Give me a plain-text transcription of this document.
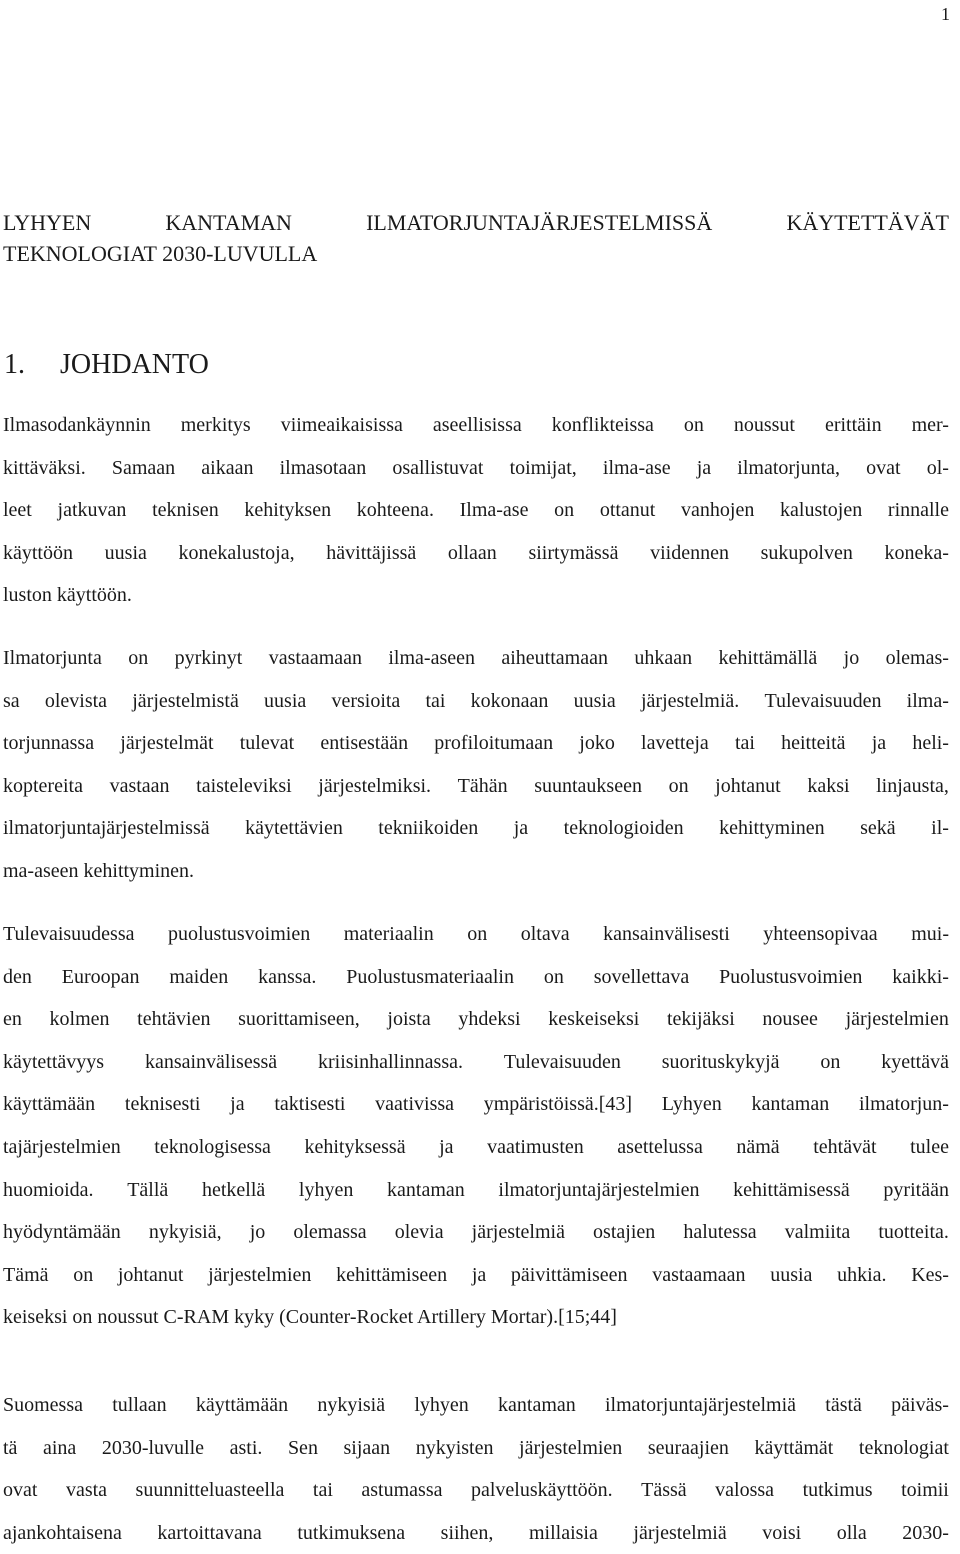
1
LYHYEN	KANTAMAN	ILMATORJUNTAJÄRJESTELMISSÄ	KÄYTETTÄVÄT
TEKNOLOGIAT 2030-LUVULLA
1. JOHDANTO
Ilmasodankäynnin merkitys viimeaikaisissa aseellisissa konflikteissa on noussut erittäin mer-
kittäväksi. Samaan aikaan ilmasotaan osallistuvat toimijat, ilma-ase ja ilmatorjunta, ovat ol-
leet jatkuvan teknisen kehityksen kohteena. Ilma-ase on ottanut vanhojen kalustojen rinnalle
käyttöön uusia konekalustoja, hävittäjissä ollaan siirtymässä viidennen sukupolven koneka-
luston käyttöön.
Ilmatorjunta on pyrkinyt vastaamaan ilma-aseen aiheuttamaan uhkaan kehittämällä jo olemas-
sa olevista järjestelmistä uusia versioita tai kokonaan uusia järjestelmiä. Tulevaisuuden ilma-
torjunnassa järjestelmät tulevat entisestään profiloitumaan joko lavetteja tai heitteitä ja heli-
koptereita vastaan taisteleviksi järjestelmiksi. Tähän suuntaukseen on johtanut kaksi linjausta,
ilmatorjuntajärjestelmissä käytettävien tekniikoiden ja teknologioiden kehittyminen sekä il-
ma-aseen kehittyminen.
Tulevaisuudessa puolustusvoimien materiaalin on oltava kansainvälisesti yhteensopivaa mui-
den Euroopan maiden kanssa. Puolustusmateriaalin on sovellettava Puolustusvoimien kaikki-
en kolmen tehtävien suorittamiseen, joista yhdeksi keskeiseksi tekijäksi nousee järjestelmien
käytettävyys kansainvälisessä kriisinhallinnassa. Tulevaisuuden suorituskykyjä on kyettävä
käyttämään teknisesti ja taktisesti vaativissa ympäristöissä.[43] Lyhyen kantaman ilmatorjun-
tajärjestelmien teknologisessa kehityksessä ja vaatimusten asettelussa nämä tehtävät tulee
huomioida. Tällä hetkellä lyhyen kantaman ilmatorjuntajärjestelmien kehittämisessä pyritään
hyödyntämään nykyisiä, jo olemassa olevia järjestelmiä ostajien halutessa valmiita tuotteita.
Tämä on johtanut järjestelmien kehittämiseen ja päivittämiseen vastaamaan uusia uhkia. Kes-
keiseksi on noussut C-RAM kyky (Counter-Rocket Artillery Mortar).[15;44]
Suomessa tullaan käyttämään nykyisiä lyhyen kantaman ilmatorjuntajärjestelmiä tästä päiväs-
tä aina 2030-luvulle asti. Sen sijaan nykyisten järjestelmien seuraajien käyttämät teknologiat
ovat vasta suunnitteluasteella tai astumassa palveluskäyttöön. Tässä valossa tutkimus toimii
ajankohtaisena kartoittavana tutkimuksena siihen, millaisia järjestelmiä voisi olla 2030-
